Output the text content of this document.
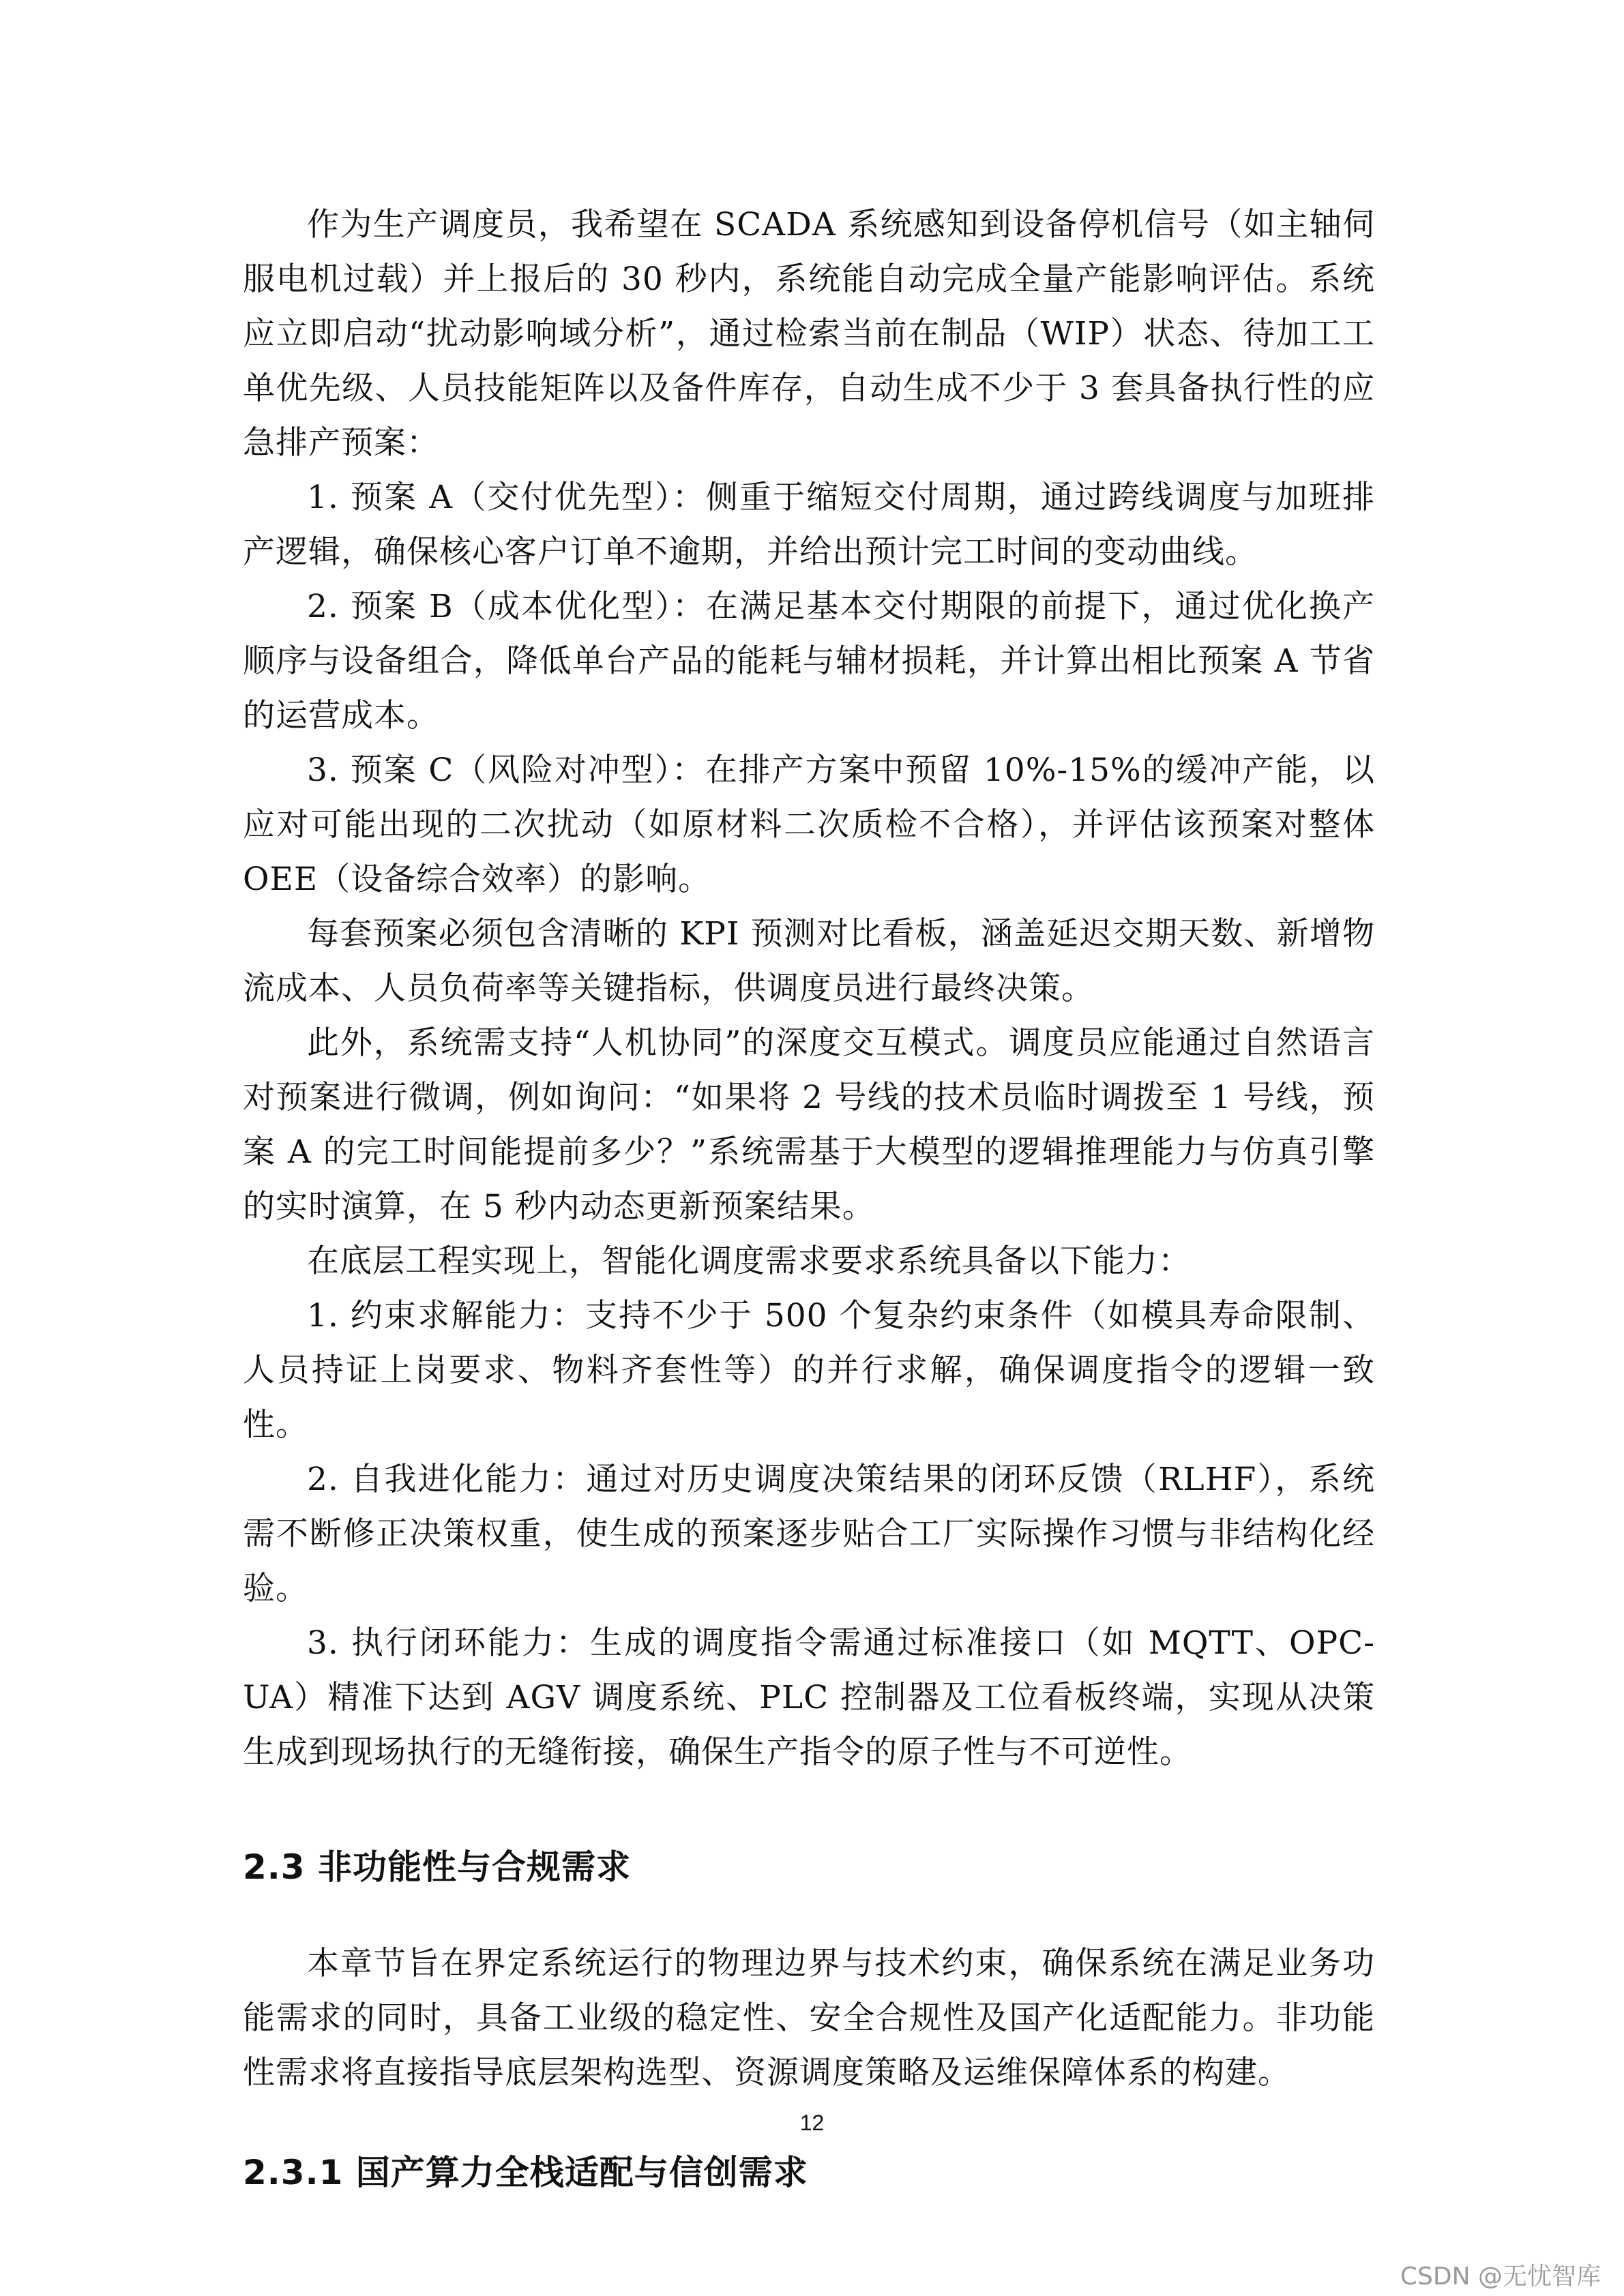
作为生产调度员，我希望在 SCADA 系统感知到设备停机信号（如主轴伺服电机过载）并上报后的 30 秒内，系统能自动完成全量产能影响评估。系统应立即启动“扰动影响域分析”，通过检索当前在制品（WIP）状态、待加工工单优先级、人员技能矩阵以及备件库存，自动生成不少于 3 套具备执行性的应急排产预案：

1. 预案 A（交付优先型）：侧重于缩短交付周期，通过跨线调度与加班排产逻辑，确保核心客户订单不逾期，并给出预计完工时间的变动曲线。

2. 预案 B（成本优化型）：在满足基本交付期限的前提下，通过优化换产顺序与设备组合，降低单台产品的能耗与辅材损耗，并计算出相比预案 A 节省的运营成本。

3. 预案 C（风险对冲型）：在排产方案中预留 10%-15%的缓冲产能，以应对可能出现的二次扰动（如原材料二次质检不合格），并评估该预案对整体 OEE（设备综合效率）的影响。

每套预案必须包含清晰的 KPI 预测对比看板，涵盖延迟交期天数、新增物流成本、人员负荷率等关键指标，供调度员进行最终决策。

此外，系统需支持“人机协同”的深度交互模式。调度员应能通过自然语言对预案进行微调，例如询问：“如果将 2 号线的技术员临时调拨至 1 号线，预案 A 的完工时间能提前多少？”系统需基于大模型的逻辑推理能力与仿真引擎的实时演算，在 5 秒内动态更新预案结果。

在底层工程实现上，智能化调度需求要求系统具备以下能力：

1. 约束求解能力：支持不少于 500 个复杂约束条件（如模具寿命限制、人员持证上岗要求、物料齐套性等）的并行求解，确保调度指令的逻辑一致性。

2. 自我进化能力：通过对历史调度决策结果的闭环反馈（RLHF），系统需不断修正决策权重，使生成的预案逐步贴合工厂实际操作习惯与非结构化经验。

3. 执行闭环能力：生成的调度指令需通过标准接口（如 MQTT、OPC-UA）精准下达到 AGV 调度系统、PLC 控制器及工位看板终端，实现从决策生成到现场执行的无缝衔接，确保生产指令的原子性与不可逆性。

2.3 非功能性与合规需求

本章节旨在界定系统运行的物理边界与技术约束，确保系统在满足业务功能需求的同时，具备工业级的稳定性、安全合规性及国产化适配能力。非功能性需求将直接指导底层架构选型、资源调度策略及运维保障体系的构建。

2.3.1 国产算力全栈适配与信创需求
12
CSDN @无忧智库
